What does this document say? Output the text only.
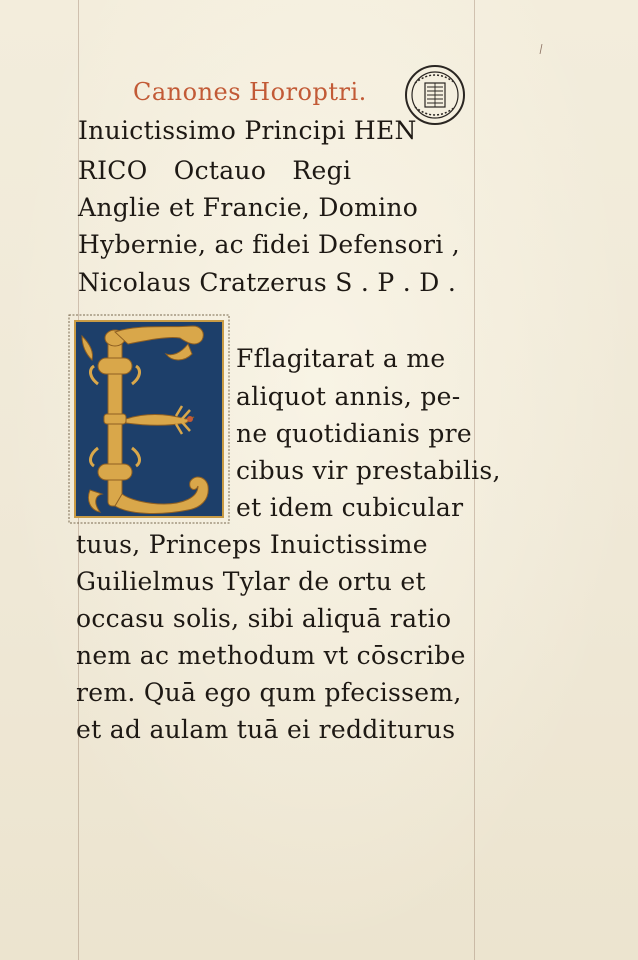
Canones Horoptri.
Inuictissimo Principi HEN
RICO Octauo Regi
Anglie et Francie, Domino
Hybernie, ac fidei Defensori ,
Nicolaus Cratzerus S . P . D .
Fflagitarat a me
aliquot annis, pe-
ne quotidianis pre
cibus vir prestabilis,
et idem cubicular
tuus, Princeps Inuictissime
Guilielmus Tylar de ortu et
occasu solis, sibi aliquā ratio
nem ac methodum vt cōscribe
rem. Quā ego qum pfecissem,
et ad aulam tuā ei redditurus
